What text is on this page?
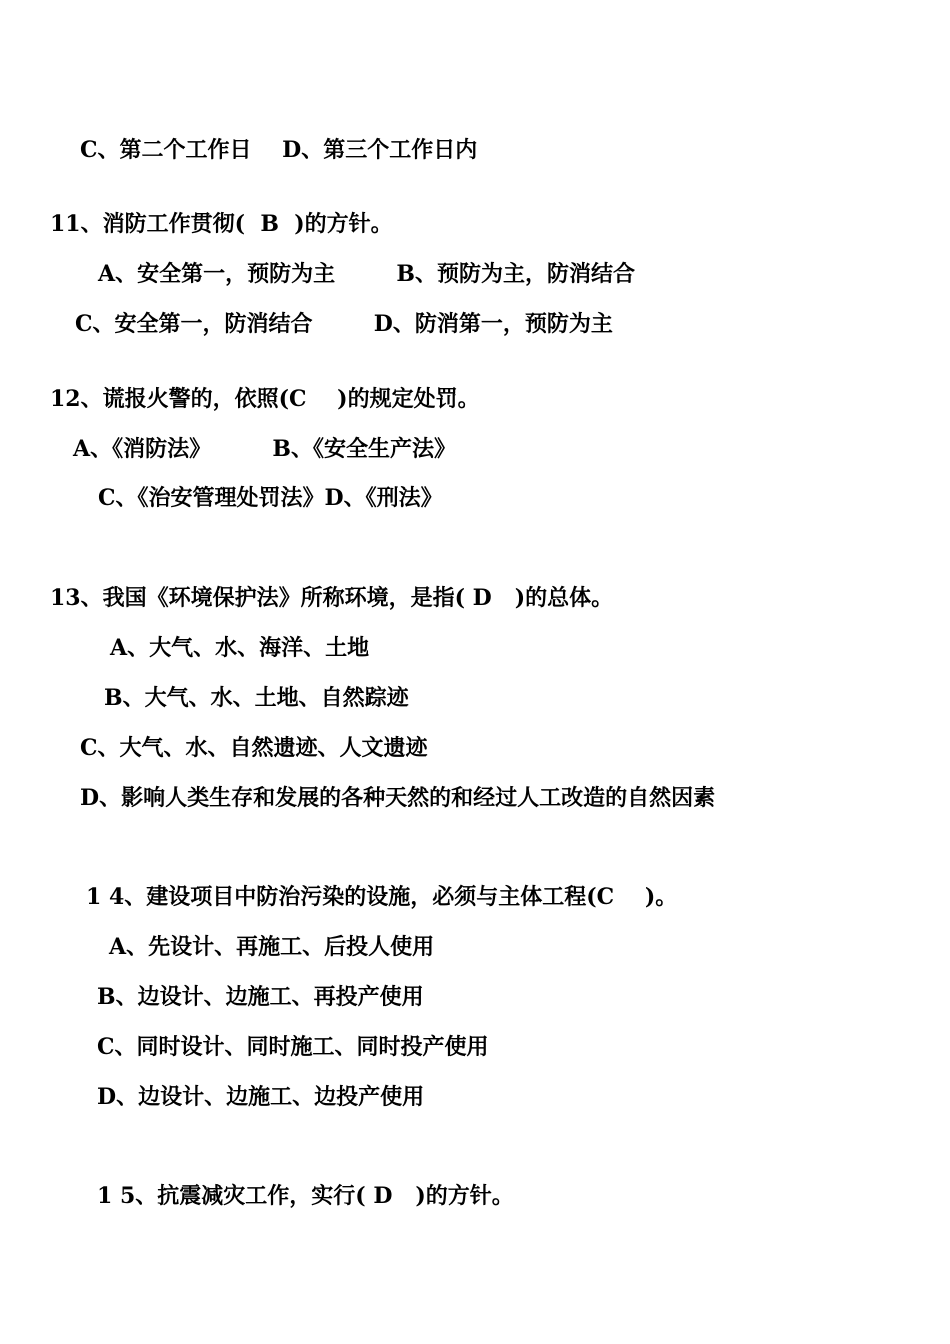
C、第二个工作日    D、第三个工作日内

11、消防工作贯彻(  B  )的方针。

A、安全第一，预防为主        B、预防为主，防消结合

C、安全第一，防消结合        D、防消第一，预防为主

12、谎报火警的，依照(C    )的规定处罚。

A、《消防法》        B、《安全生产法》

C、《治安管理处罚法》D、《刑法》

13、我国《环境保护法》所称环境，是指( D   )的总体。

A、大气、水、海洋、土地

B、大气、水、土地、自然踪迹

C、大气、水、自然遗迹、人文遗迹

D、影响人类生存和发展的各种天然的和经过人工改造的自然因素

1 4、建设项目中防治污染的设施，必须与主体工程(C    )。

A、先设计、再施工、后投人使用

B、边设计、边施工、再投产使用

C、同时设计、同时施工、同时投产使用

D、边设计、边施工、边投产使用

1 5、抗震减灾工作，实行( D   )的方针。
